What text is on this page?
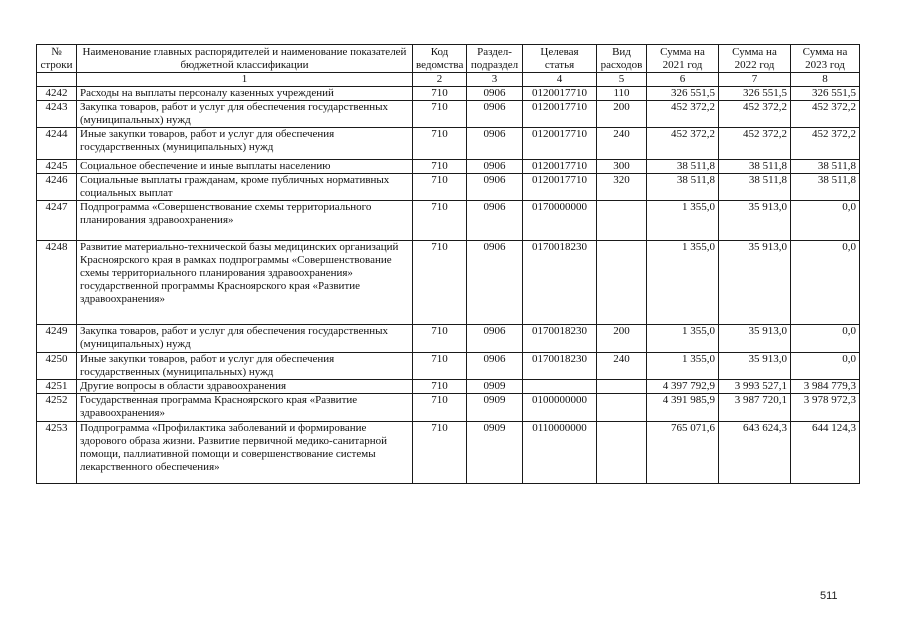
№ строки	Наименование главных распорядителей и наименование показателей бюджетной классификации	Код ведомства	Раздел-подраздел	Целевая статья	Вид расходов	Сумма на 2021 год	Сумма на 2022 год	Сумма на 2023 год
	1	2	3	4	5	6	7	8
4242	Расходы на выплаты персоналу казенных учреждений	710	0906	0120017710	110	326 551,5	326 551,5	326 551,5
4243	Закупка товаров, работ и услуг для обеспечения государственных (муниципальных) нужд	710	0906	0120017710	200	452 372,2	452 372,2	452 372,2
4244	Иные закупки товаров, работ и услуг для обеспечения государственных (муниципальных) нужд	710	0906	0120017710	240	452 372,2	452 372,2	452 372,2
4245	Социальное обеспечение и иные выплаты населению	710	0906	0120017710	300	38 511,8	38 511,8	38 511,8
4246	Социальные выплаты гражданам, кроме публичных нормативных социальных выплат	710	0906	0120017710	320	38 511,8	38 511,8	38 511,8
4247	Подпрограмма «Совершенствование схемы территориального планирования здравоохранения»	710	0906	0170000000		1 355,0	35 913,0	0,0
4248	Развитие материально-технической базы медицинских организаций Красноярского края в рамках подпрограммы «Совершенствование схемы территориального планирования здравоохранения» государственной программы Красноярского края «Развитие здравоохранения»	710	0906	0170018230		1 355,0	35 913,0	0,0
4249	Закупка товаров, работ и услуг для обеспечения государственных (муниципальных) нужд	710	0906	0170018230	200	1 355,0	35 913,0	0,0
4250	Иные закупки товаров, работ и услуг для обеспечения государственных (муниципальных) нужд	710	0906	0170018230	240	1 355,0	35 913,0	0,0
4251	Другие вопросы в области здравоохранения	710	0909			4 397 792,9	3 993 527,1	3 984 779,3
4252	Государственная программа Красноярского края «Развитие здравоохранения»	710	0909	0100000000		4 391 985,9	3 987 720,1	3 978 972,3
4253	Подпрограмма «Профилактика заболеваний и формирование здорового образа жизни. Развитие первичной медико-санитарной помощи, паллиативной помощи и совершенствование системы лекарственного обеспечения»	710	0909	0110000000		765 071,6	643 624,3	644 124,3
511
